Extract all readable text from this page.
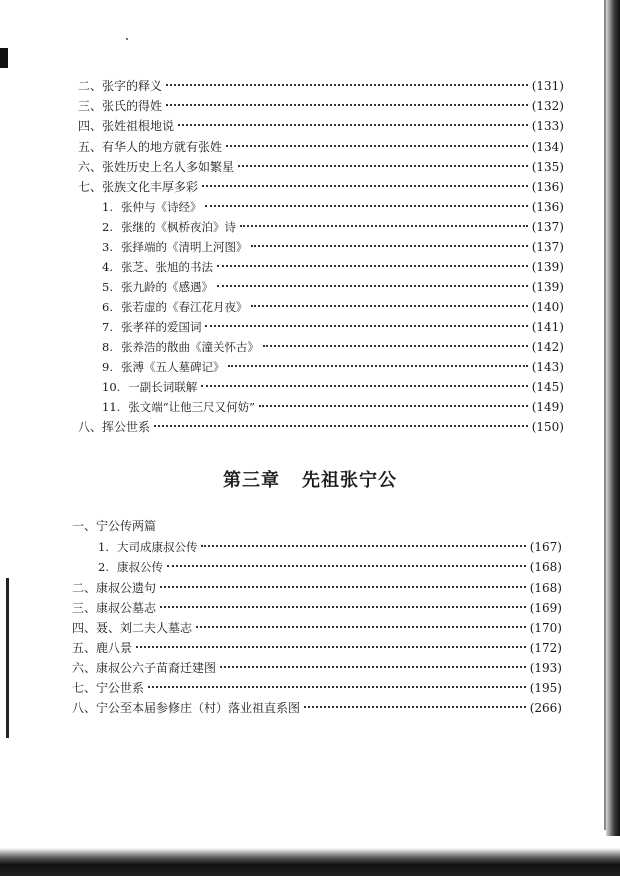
二、张字的释义	(131)
三、张氏的得姓	(132)
四、张姓祖根地说	(133)
五、有华人的地方就有张姓	(134)
六、张姓历史上名人多如繁星	(135)
七、张族文化丰厚多彩	(136)
1. 张仲与《诗经》	(136)
2. 张继的《枫桥夜泊》诗	(137)
3. 张择端的《清明上河图》	(137)
4. 张芝、张旭的书法	(139)
5. 张九龄的《感遇》	(139)
6. 张若虚的《春江花月夜》	(140)
7. 张孝祥的爱国词	(141)
8. 张养浩的散曲《潼关怀古》	(142)
9. 张溥《五人墓碑记》	(143)
10. 一副长词联解	(145)
11. 张文端“让他三尺又何妨”	(149)
八、挥公世系	(150)
第三章 先祖张宁公
一、宁公传两篇
1. 大司成康叔公传	(167)
2. 康叔公传	(168)
二、康叔公遗句	(168)
三、康叔公墓志	(169)
四、聂、刘二夫人墓志	(170)
五、鹿八景	(172)
六、康叔公六子苗裔迁建图	(193)
七、宁公世系	(195)
八、宁公至本届参修庄（村）落业祖直系图	(266)
